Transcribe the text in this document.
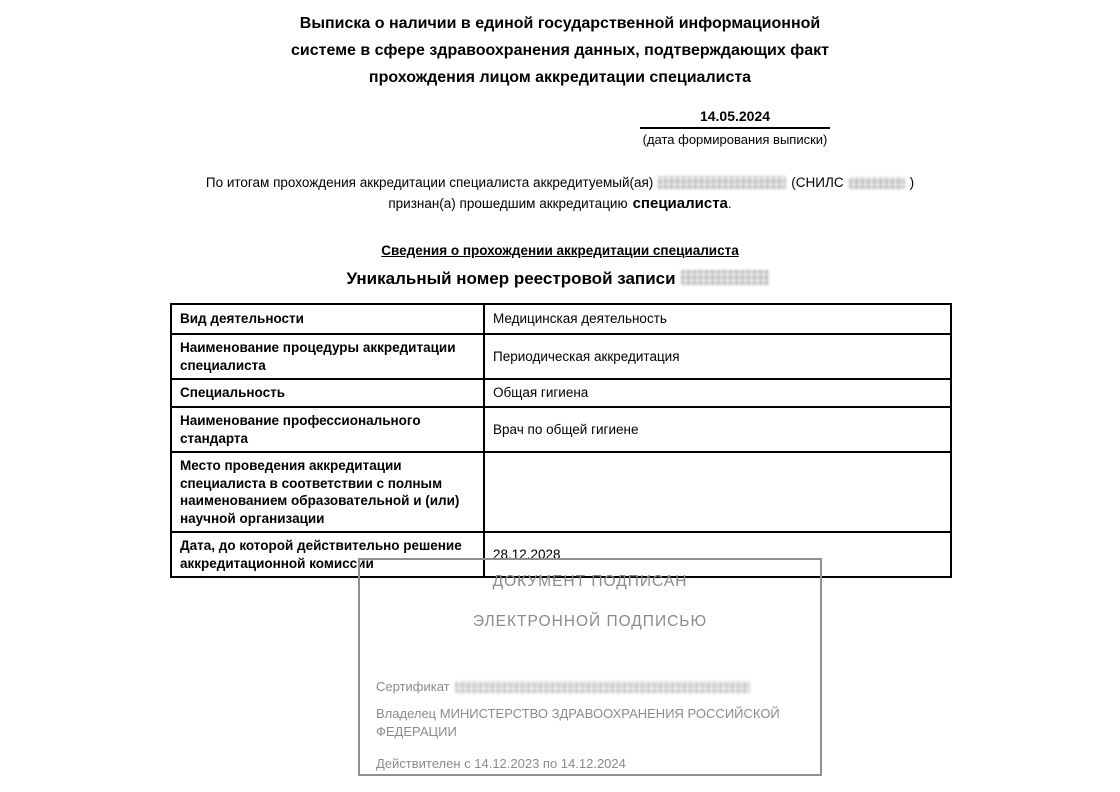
Выписка о наличии в единой государственной информационной
системе в сфере здравоохранения данных, подтверждающих факт
прохождения лицом аккредитации специалиста
14.05.2024
(дата формирования выписки)
По итогам прохождения аккредитации специалиста аккредитуемый(ая)	(СНИЛС	)
признан(а) прошедшим аккредитацию специалиста.
Сведения о прохождении аккредитации специалиста
Уникальный номер реестровой записи
Вид деятельности	Медицинская деятельность
Наименование процедуры аккредитации специалиста	Периодическая аккредитация
Специальность	Общая гигиена
Наименование профессионального стандарта	Врач по общей гигиене
Место проведения аккредитации специалиста в соответствии с полным наименованием образовательной и (или) научной организации	
Дата, до которой действительно решение аккредитационной комиссии	28.12.2028
ДОКУМЕНТ ПОДПИСАН
ЭЛЕКТРОННОЙ ПОДПИСЬЮ
Сертификат
Владелец МИНИСТЕРСТВО ЗДРАВООХРАНЕНИЯ РОССИЙСКОЙ ФЕДЕРАЦИИ
Действителен с 14.12.2023 по 14.12.2024
